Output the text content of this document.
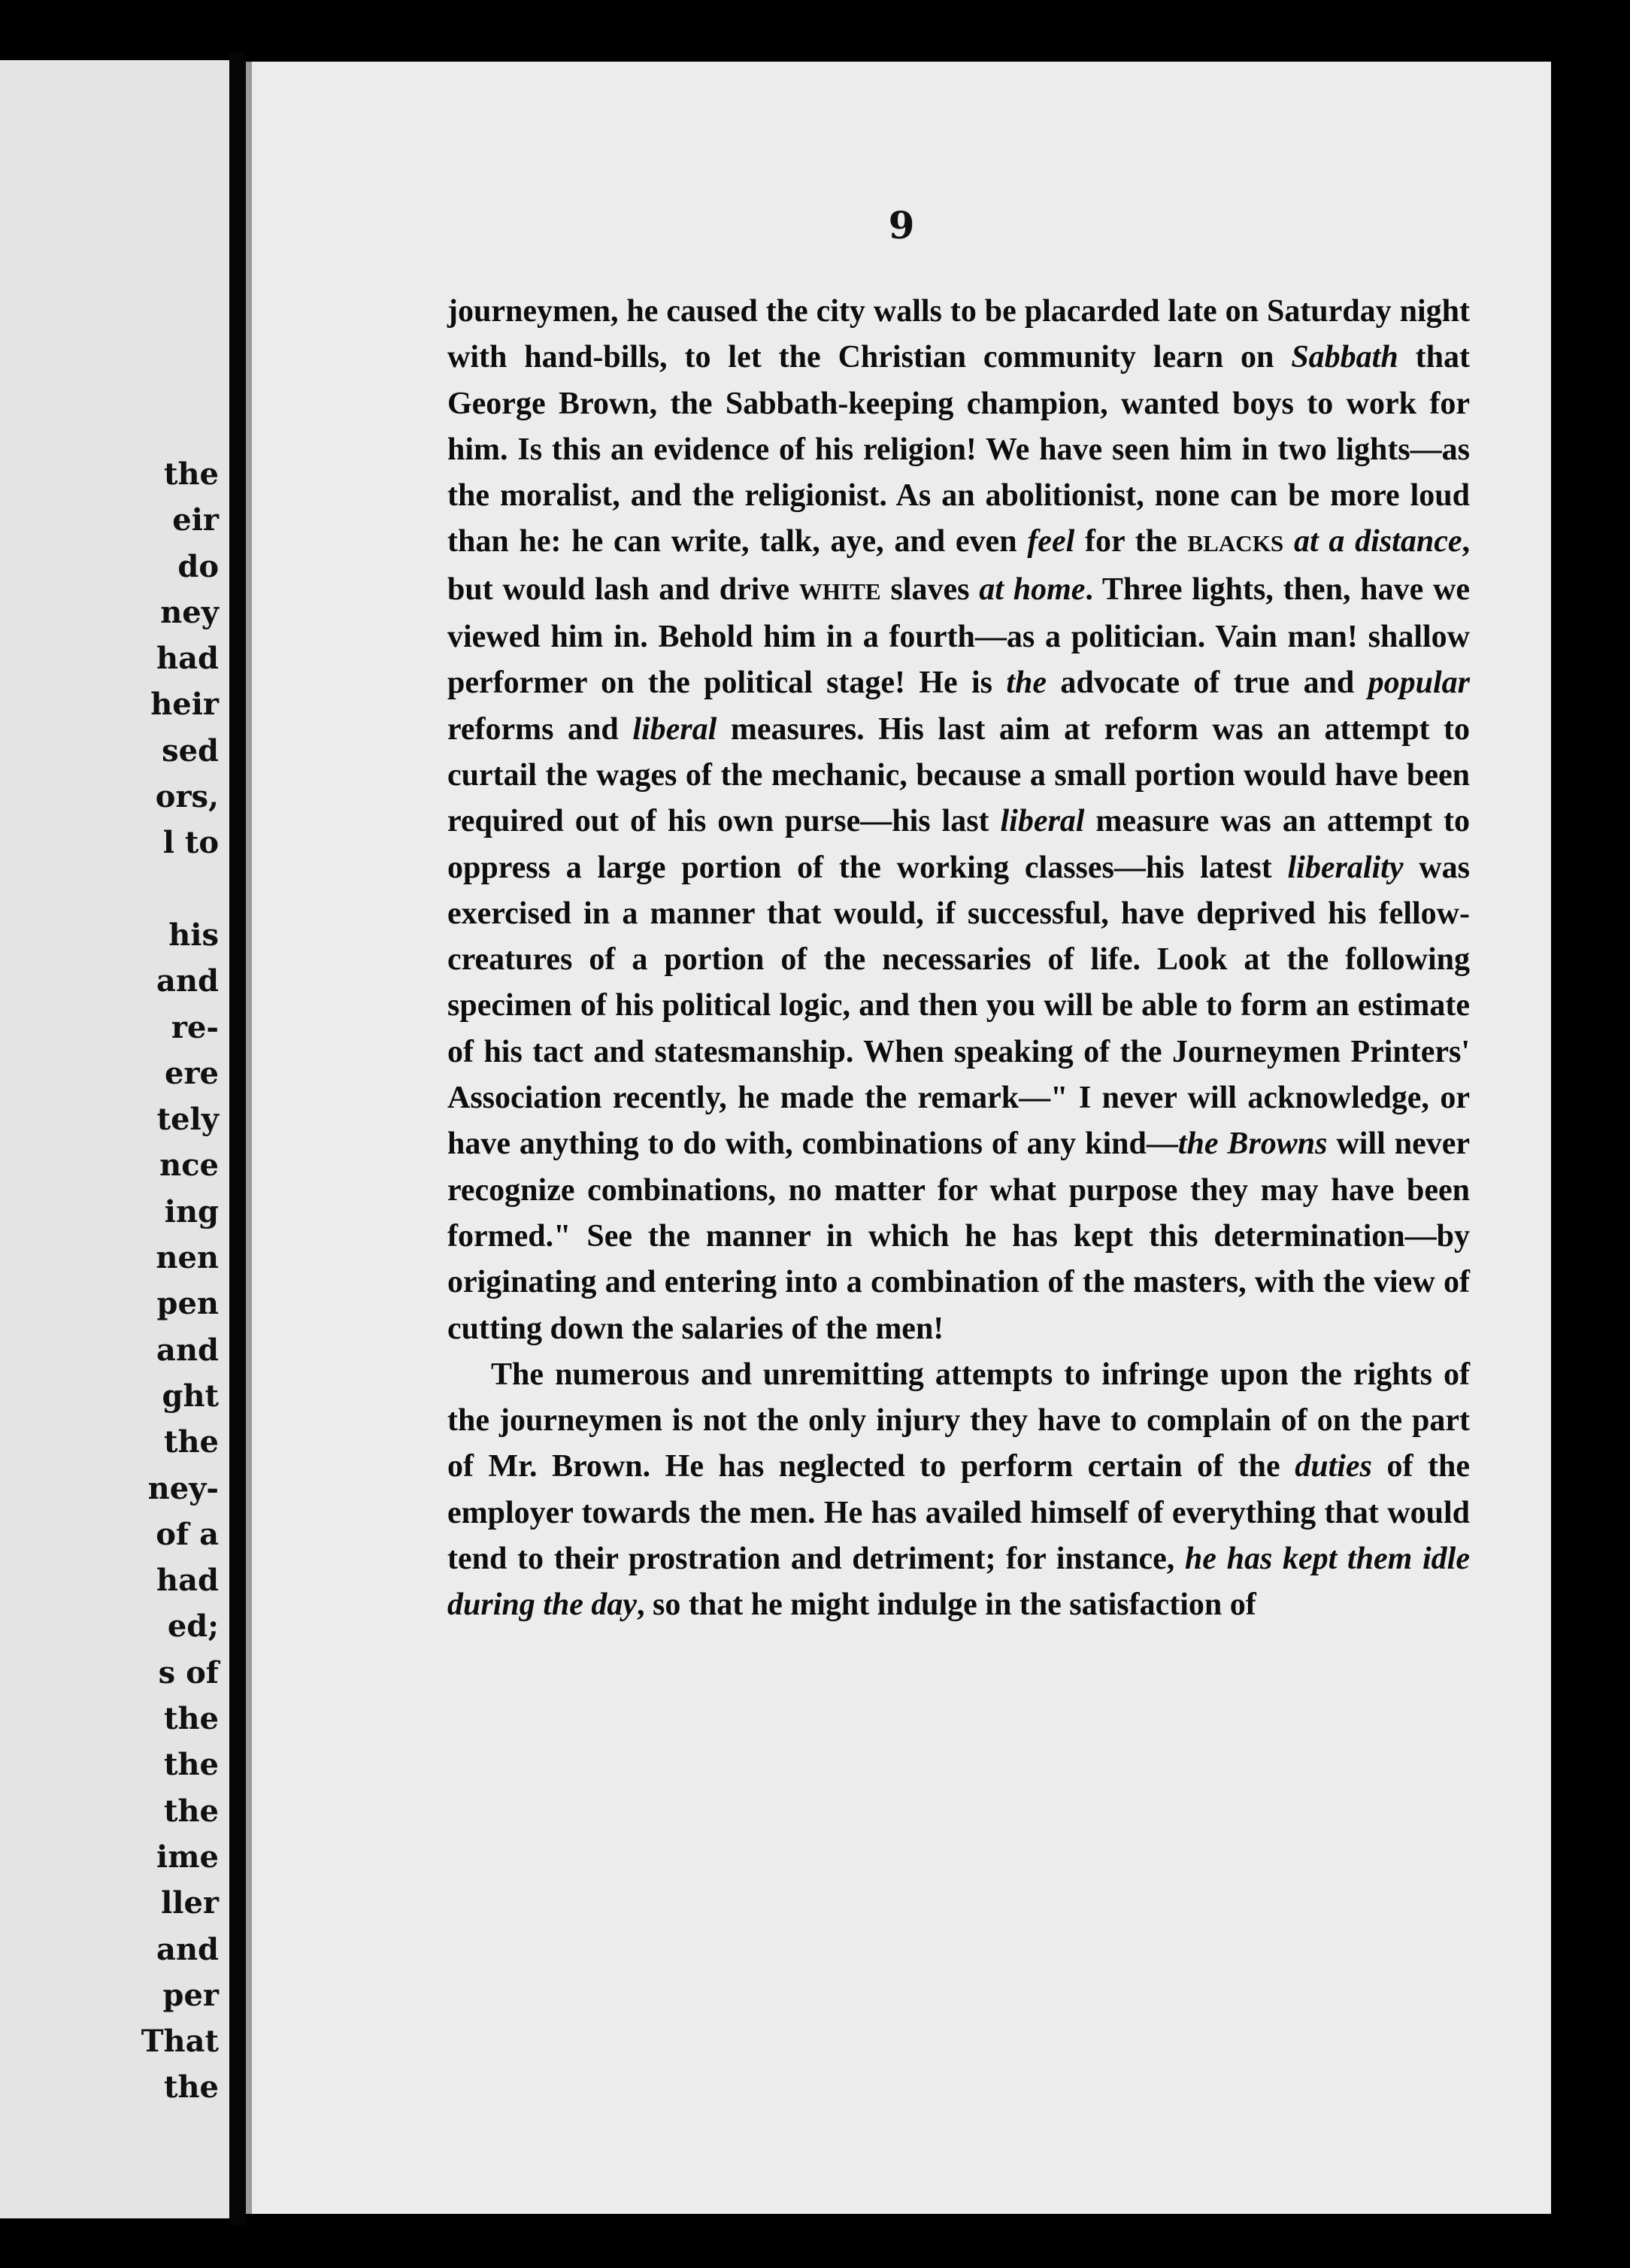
the
eir
do
ney
had
heir
sed
ors,
l to

his
and
re-
ere
tely
nce
ing
nen
pen
and
ght
the
ney-
of a
had
ed;
s of
the
the
the
ime
ller
and
per
That
the
9

journeymen, he caused the city walls to be placarded late on Saturday night with hand-bills, to let the Christian community learn on Sabbath that George Brown, the Sabbath-keeping champion, wanted boys to work for him. Is this an evidence of his religion! We have seen him in two lights—as the moralist, and the religionist. As an abolitionist, none can be more loud than he: he can write, talk, aye, and even feel for the BLACKS at a distance, but would lash and drive WHITE slaves at home. Three lights, then, have we viewed him in. Behold him in a fourth—as a politician. Vain man! shallow performer on the political stage! He is the advocate of true and popular reforms and liberal measures. His last aim at reform was an attempt to curtail the wages of the mechanic, because a small portion would have been required out of his own purse—his last liberal measure was an attempt to oppress a large portion of the working classes—his latest liberality was exercised in a manner that would, if successful, have deprived his fellow-creatures of a portion of the necessaries of life. Look at the following specimen of his political logic, and then you will be able to form an estimate of his tact and statesmanship. When speaking of the Journeymen Printers' Association recently, he made the remark—" I never will acknowledge, or have anything to do with, combinations of any kind—the Browns will never recognize combinations, no matter for what purpose they may have been formed." See the manner in which he has kept this determination—by originating and entering into a combination of the masters, with the view of cutting down the salaries of the men!

The numerous and unremitting attempts to infringe upon the rights of the journeymen is not the only injury they have to complain of on the part of Mr. Brown. He has neglected to perform certain of the duties of the employer towards the men. He has availed himself of everything that would tend to their prostration and detriment; for instance, he has kept them idle during the day, so that he might indulge in the satisfaction of
